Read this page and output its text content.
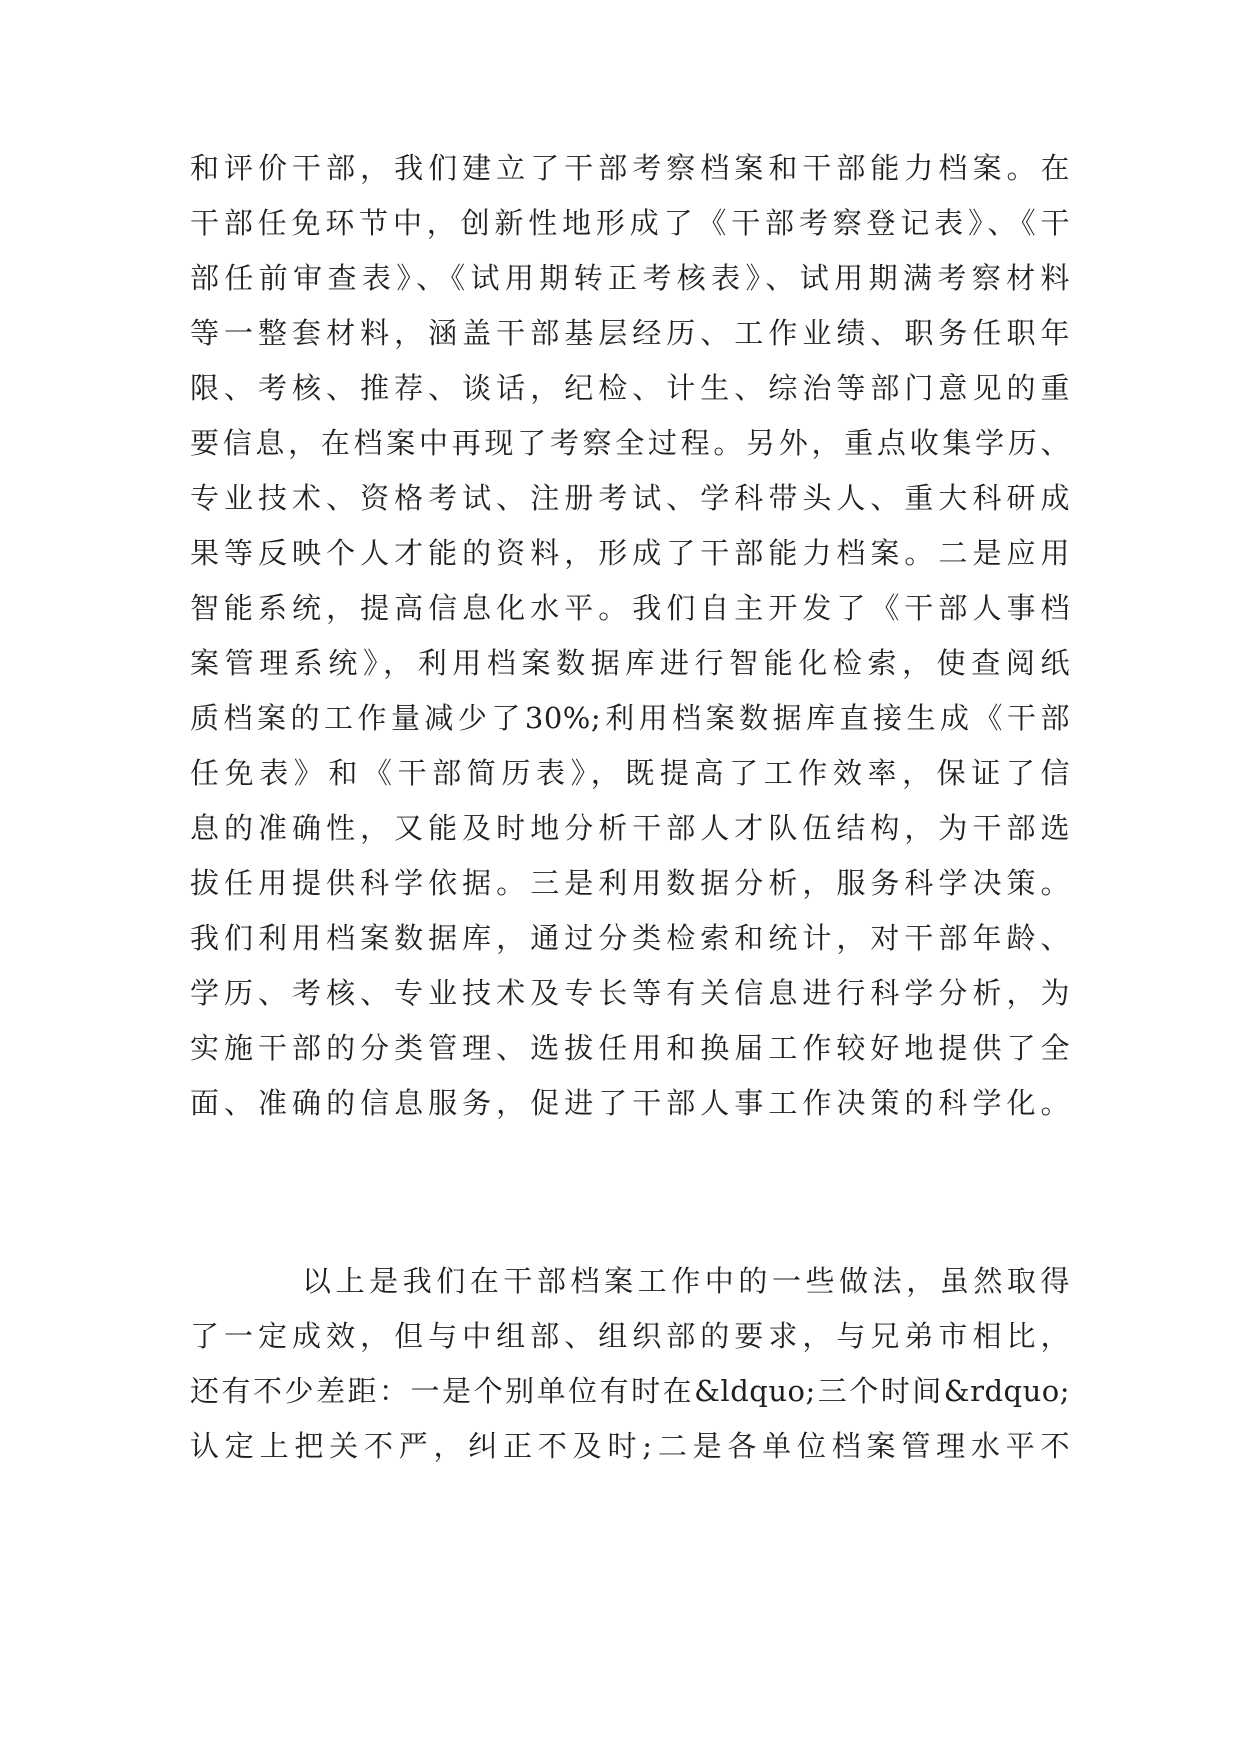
和评价干部，我们建立了干部考察档案和干部能力档案。在
干部任免环节中，创新性地形成了《干部考察登记表》、《干
部任前审查表》、《试用期转正考核表》、试用期满考察材料
等一整套材料，涵盖干部基层经历、工作业绩、职务任职年
限、考核、推荐、谈话，纪检、计生、综治等部门意见的重
要信息，在档案中再现了考察全过程。另外，重点收集学历、
专业技术、资格考试、注册考试、学科带头人、重大科研成
果等反映个人才能的资料，形成了干部能力档案。二是应用
智能系统，提高信息化水平。我们自主开发了《干部人事档
案管理系统》，利用档案数据库进行智能化检索，使查阅纸
质档案的工作量减少了30%;利用档案数据库直接生成《干部
任免表》和《干部简历表》，既提高了工作效率，保证了信
息的准确性，又能及时地分析干部人才队伍结构，为干部选
拔任用提供科学依据。三是利用数据分析，服务科学决策。
我们利用档案数据库，通过分类检索和统计，对干部年龄、
学历、考核、专业技术及专长等有关信息进行科学分析，为
实施干部的分类管理、选拔任用和换届工作较好地提供了全
面、准确的信息服务，促进了干部人事工作决策的科学化。
以上是我们在干部档案工作中的一些做法，虽然取得
了一定成效，但与中组部、组织部的要求，与兄弟市相比，
还有不少差距：一是个别单位有时在&ldquo;三个时间&rdquo;
认定上把关不严，纠正不及时;二是各单位档案管理水平不
